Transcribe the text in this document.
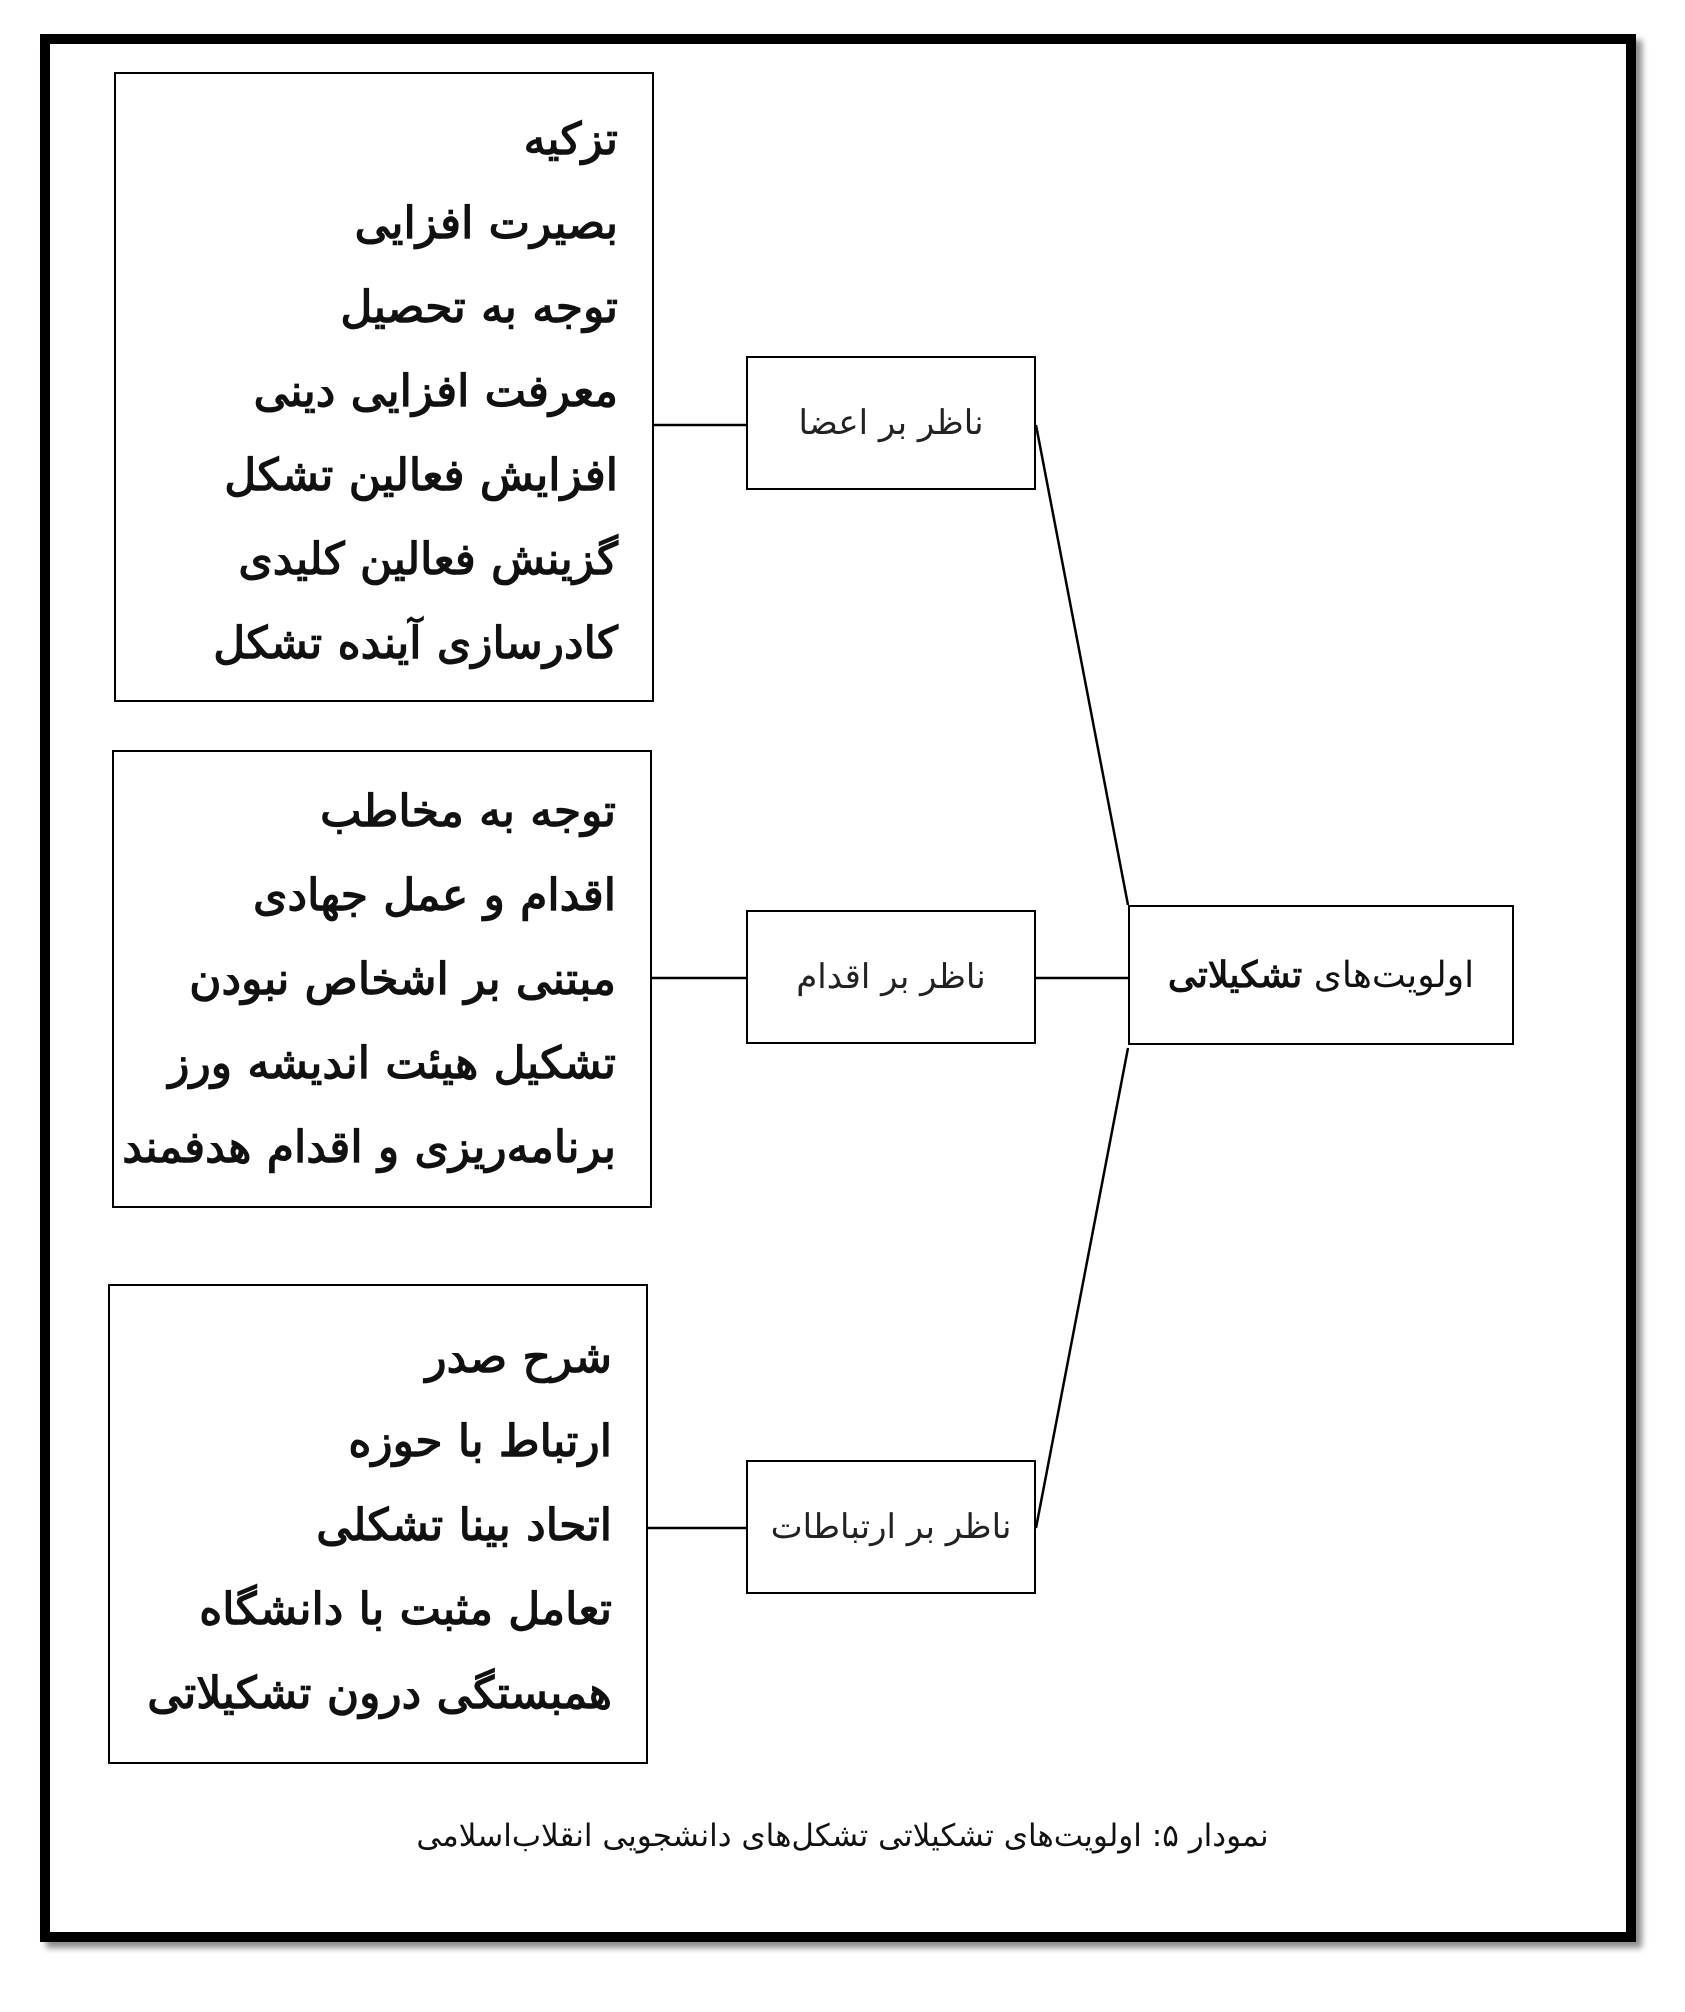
تزکیه
بصیرت افزایی
توجه به تحصیل
معرفت افزایی دینی
افزایش فعالین تشکل
گزینش فعالین کلیدی
کادرسازی آینده تشکل
توجه به مخاطب
اقدام و عمل جهادی
مبتنی بر اشخاص نبودن
تشکیل هیئت اندیشه ورز
برنامه‌ریزی و اقدام هدفمند
شرح صدر
ارتباط با حوزه
اتحاد بینا تشکلی
تعامل مثبت با دانشگاه
همبستگی درون تشکیلاتی
ناظر بر اعضا
ناظر بر اقدام
ناظر بر ارتباطات
اولویت‌های تشکیلاتی
نمودار ۵: اولویت‌های تشکیلاتی تشکل‌های دانشجویی انقلاب‌اسلامی
